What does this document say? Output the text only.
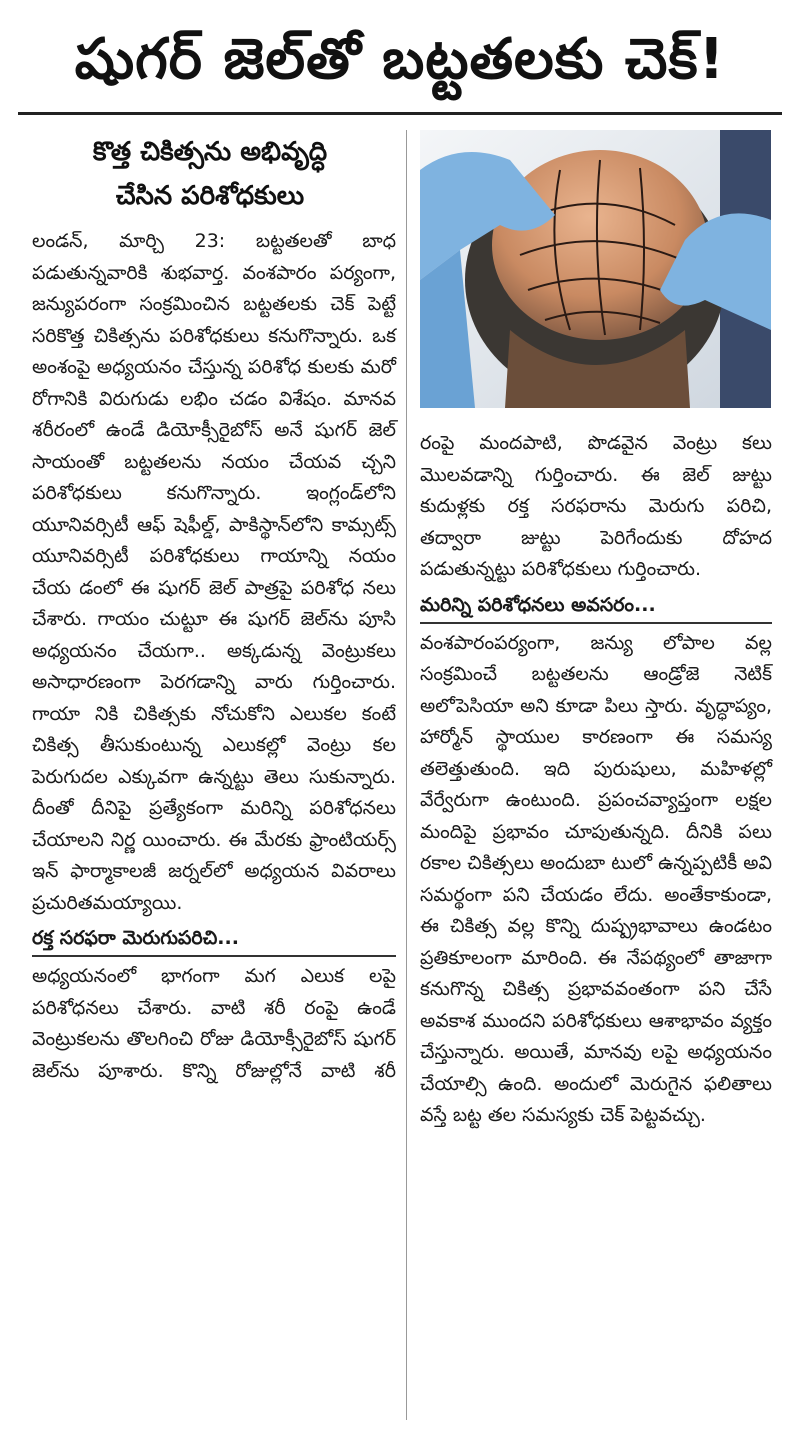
షుగర్ జెల్‌తో బట్టతలకు చెక్!
కొత్త చికిత్సను అభివృద్ధి
చేసిన పరిశోధకులు

లండన్, మార్చి 23: బట్టతలతో బాధ పడుతున్నవారికి శుభవార్త. వంశపారం పర్యంగా, జన్యుపరంగా సంక్రమించిన బట్టతలకు చెక్ పెట్టే సరికొత్త చికిత్సను పరిశోధకులు కనుగొన్నారు. ఒక అంశంపై అధ్యయనం చేస్తున్న పరిశోధ కులకు మరో రోగానికి విరుగుడు లభిం చడం విశేషం. మానవ శరీరంలో ఉండే డియోక్సీరైబోస్ అనే షుగర్ జెల్ సాయంతో బట్టతలను నయం చేయవ చ్చని పరిశోధకులు కనుగొన్నారు. ఇంగ్లండ్‌లోని యూనివర్సిటీ ఆఫ్ షెఫీల్డ్, పాకిస్థాన్‌లోని కామ్సట్స్ యూనివర్సిటీ పరిశోధకులు గాయాన్ని నయం చేయ డంలో ఈ షుగర్ జెల్ పాత్రపై పరిశోధ నలు చేశారు. గాయం చుట్టూ ఈ షుగర్ జెల్‌ను పూసి అధ్యయనం చేయగా.. అక్కడున్న వెంట్రుకలు అసాధారణంగా పెరగడాన్ని వారు గుర్తించారు. గాయా నికి చికిత్సకు నోచుకోని ఎలుకల కంటే చికిత్స తీసుకుంటున్న ఎలుకల్లో వెంట్రు కల పెరుగుదల ఎక్కువగా ఉన్నట్టు తెలు సుకున్నారు. దీంతో దీనిపై ప్రత్యేకంగా మరిన్ని పరిశోధనలు చేయాలని నిర్ణ యించారు. ఈ మేరకు ఫ్రాంటియర్స్ ఇన్ ఫార్మాకాలజీ జర్నల్‌లో అధ్యయన వివరాలు ప్రచురితమయ్యాయి.

రక్త సరఫరా మెరుగుపరిచి...

అధ్యయనంలో భాగంగా మగ ఎలుక లపై పరిశోధనలు చేశారు. వాటి శరీ రంపై ఉండే వెంట్రుకలను తొలగించి రోజు డియోక్సీరైబోస్ షుగర్ జెల్‌ను పూశారు. కొన్ని రోజుల్లోనే వాటి శరీ

రంపై మందపాటి, పొడవైన వెంట్రు కలు మొలవడాన్ని గుర్తించారు. ఈ జెల్ జుట్టు కుదుళ్లకు రక్త సరఫరాను మెరుగు పరిచి, తద్వారా జుట్టు పెరిగేందుకు దోహద పడుతున్నట్టు పరిశోధకులు గుర్తించారు.

మరిన్ని పరిశోధనలు అవసరం...

వంశపారంపర్యంగా, జన్యు లోపాల వల్ల సంక్రమించే బట్టతలను ఆండ్రోజె నెటిక్ అలోపెసియా అని కూడా పిలు స్తారు. వృద్ధాప్యం, హార్మోన్ స్థాయుల కారణంగా ఈ సమస్య తలెత్తుతుంది. ఇది పురుషులు, మహిళల్లో వేర్వేరుగా ఉంటుంది. ప్రపంచవ్యాప్తంగా లక్షల మందిపై ప్రభావం చూపుతున్నది. దీనికి పలు రకాల చికిత్సలు అందుబా టులో ఉన్నప్పటికీ అవి సమర్థంగా పని చేయడం లేదు. అంతేకాకుండా, ఈ చికిత్స వల్ల కొన్ని దుష్ప్రభావాలు ఉండటం ప్రతికూలంగా మారింది. ఈ నేపథ్యంలో తాజాగా కనుగొన్న చికిత్స ప్రభావవంతంగా పని చేసే అవకాశ ముందని పరిశోధకులు ఆశాభావం వ్యక్తం చేస్తున్నారు. అయితే, మానవు లపై అధ్యయనం చేయాల్సి ఉంది. అందులో మెరుగైన ఫలితాలు వస్తే బట్ట తల సమస్యకు చెక్ పెట్టవచ్చు.
